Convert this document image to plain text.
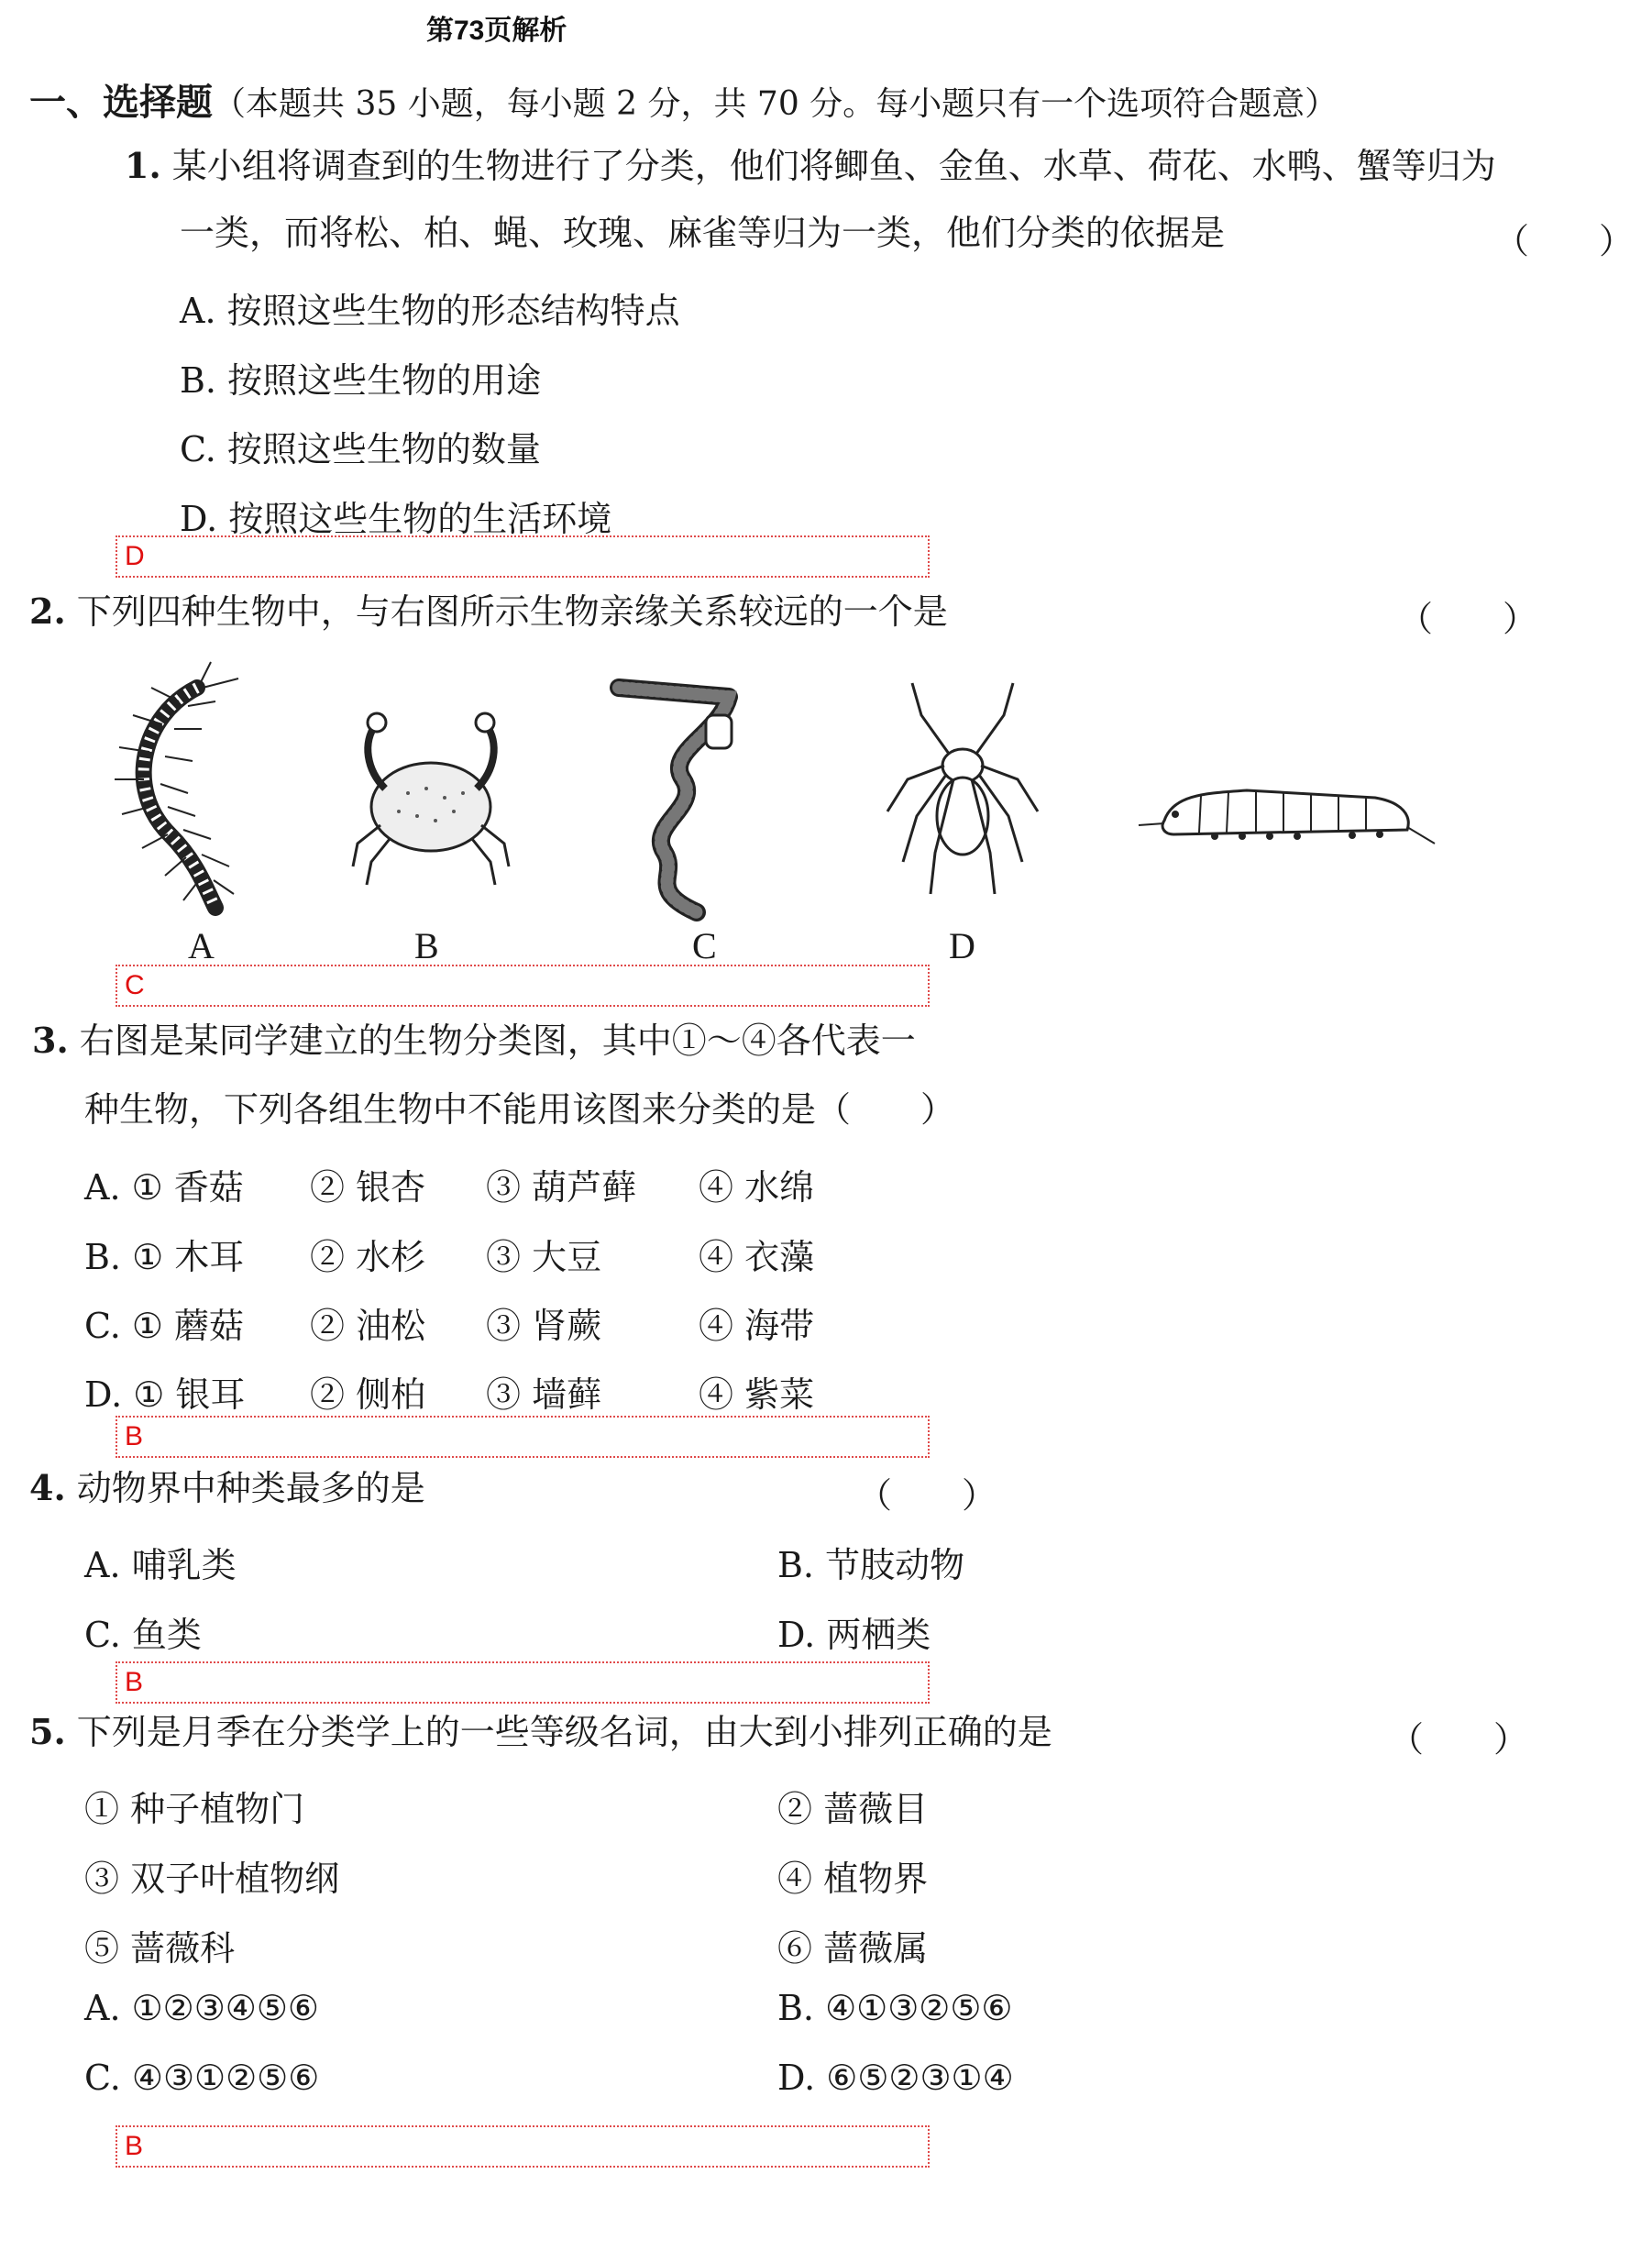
第73页解析
一、选择题（本题共 35 小题，每小题 2 分，共 70 分。每小题只有一个选项符合题意）
1. 某小组将调查到的生物进行了分类，他们将鲫鱼、金鱼、水草、荷花、水鸭、蟹等归为
一类，而将松、柏、蝇、玫瑰、麻雀等归为一类，他们分类的依据是	（　　）
A. 按照这些生物的形态结构特点
B. 按照这些生物的用途
C. 按照这些生物的数量
D. 按照这些生物的生活环境
D
2. 下列四种生物中，与右图所示生物亲缘关系较远的一个是	（　　）
A	B	C	D
C
3. 右图是某同学建立的生物分类图，其中①～④各代表一
种生物，下列各组生物中不能用该图来分类的是（　　）
A. ① 香菇 ② 银杏 ③ 葫芦藓 ④ 水绵
B. ① 木耳 ② 水杉 ③ 大豆	④ 衣藻
C. ① 蘑菇 ② 油松 ③ 肾蕨	④ 海带
D. ① 银耳 ② 侧柏 ③ 墙藓	④ 紫菜
B
4. 动物界中种类最多的是	（　　）
A. 哺乳类	B. 节肢动物
C. 鱼类	D. 两栖类
B
5. 下列是月季在分类学上的一些等级名词，由大到小排列正确的是	（　　）
① 种子植物门	② 蔷薇目
③ 双子叶植物纲	④ 植物界
⑤ 蔷薇科	⑥ 蔷薇属
A. ①②③④⑤⑥	B. ④①③②⑤⑥
C. ④③①②⑤⑥	D. ⑥⑤②③①④
B
